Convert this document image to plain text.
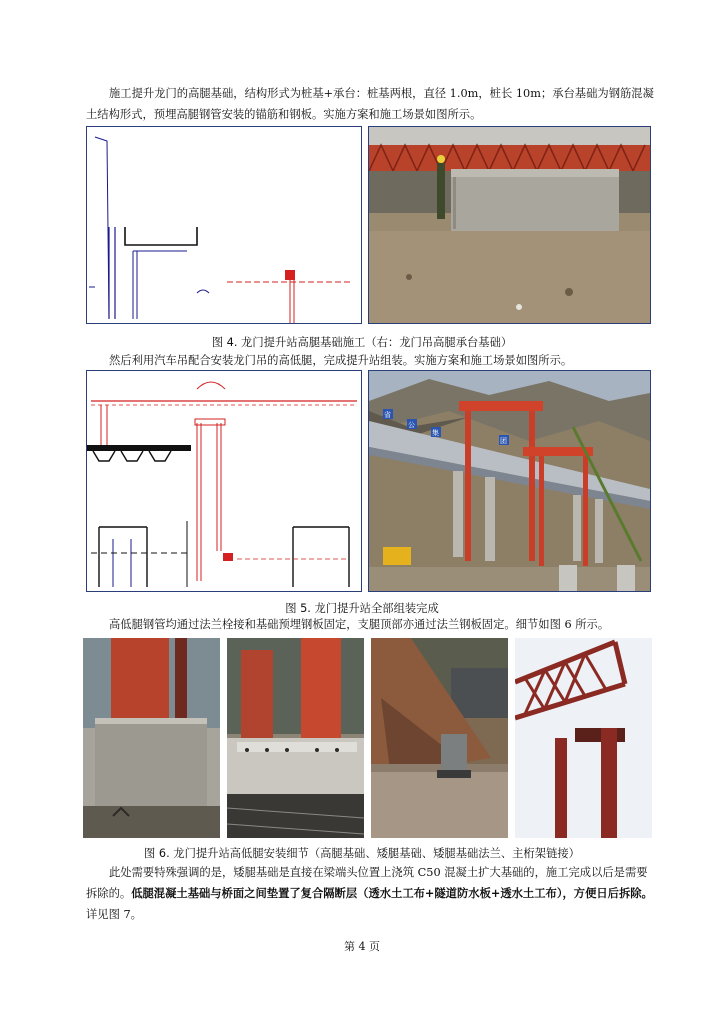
施工提升龙门的高腿基础，结构形式为桩基+承台：桩基两根，直径 1.0m，桩长 10m；承台基础为钢筋混凝土结构形式，预埋高腿钢管安装的锚筋和钢板。实施方案和施工场景如图所示。

图 4. 龙门提升站高腿基础施工（右：龙门吊高腿承台基础）

然后利用汽车吊配合安装龙门吊的高低腿，完成提升站组装。实施方案和施工场景如图所示。

省
公
集
团
图 5. 龙门提升站全部组装完成

高低腿钢管均通过法兰栓接和基础预埋钢板固定，支腿顶部亦通过法兰钢板固定。细节如图 6 所示。

图 6. 龙门提升站高低腿安装细节（高腿基础、矮腿基础、矮腿基础法兰、主桁架链接）

此处需要特殊强调的是，矮腿基础是直接在梁端头位置上浇筑 C50 混凝土扩大基础的，施工完成以后是需要拆除的。低腿混凝土基础与桥面之间垫置了复合隔断层（透水土工布+隧道防水板+透水土工布），方便日后拆除。详见图 7。

第 4 页
